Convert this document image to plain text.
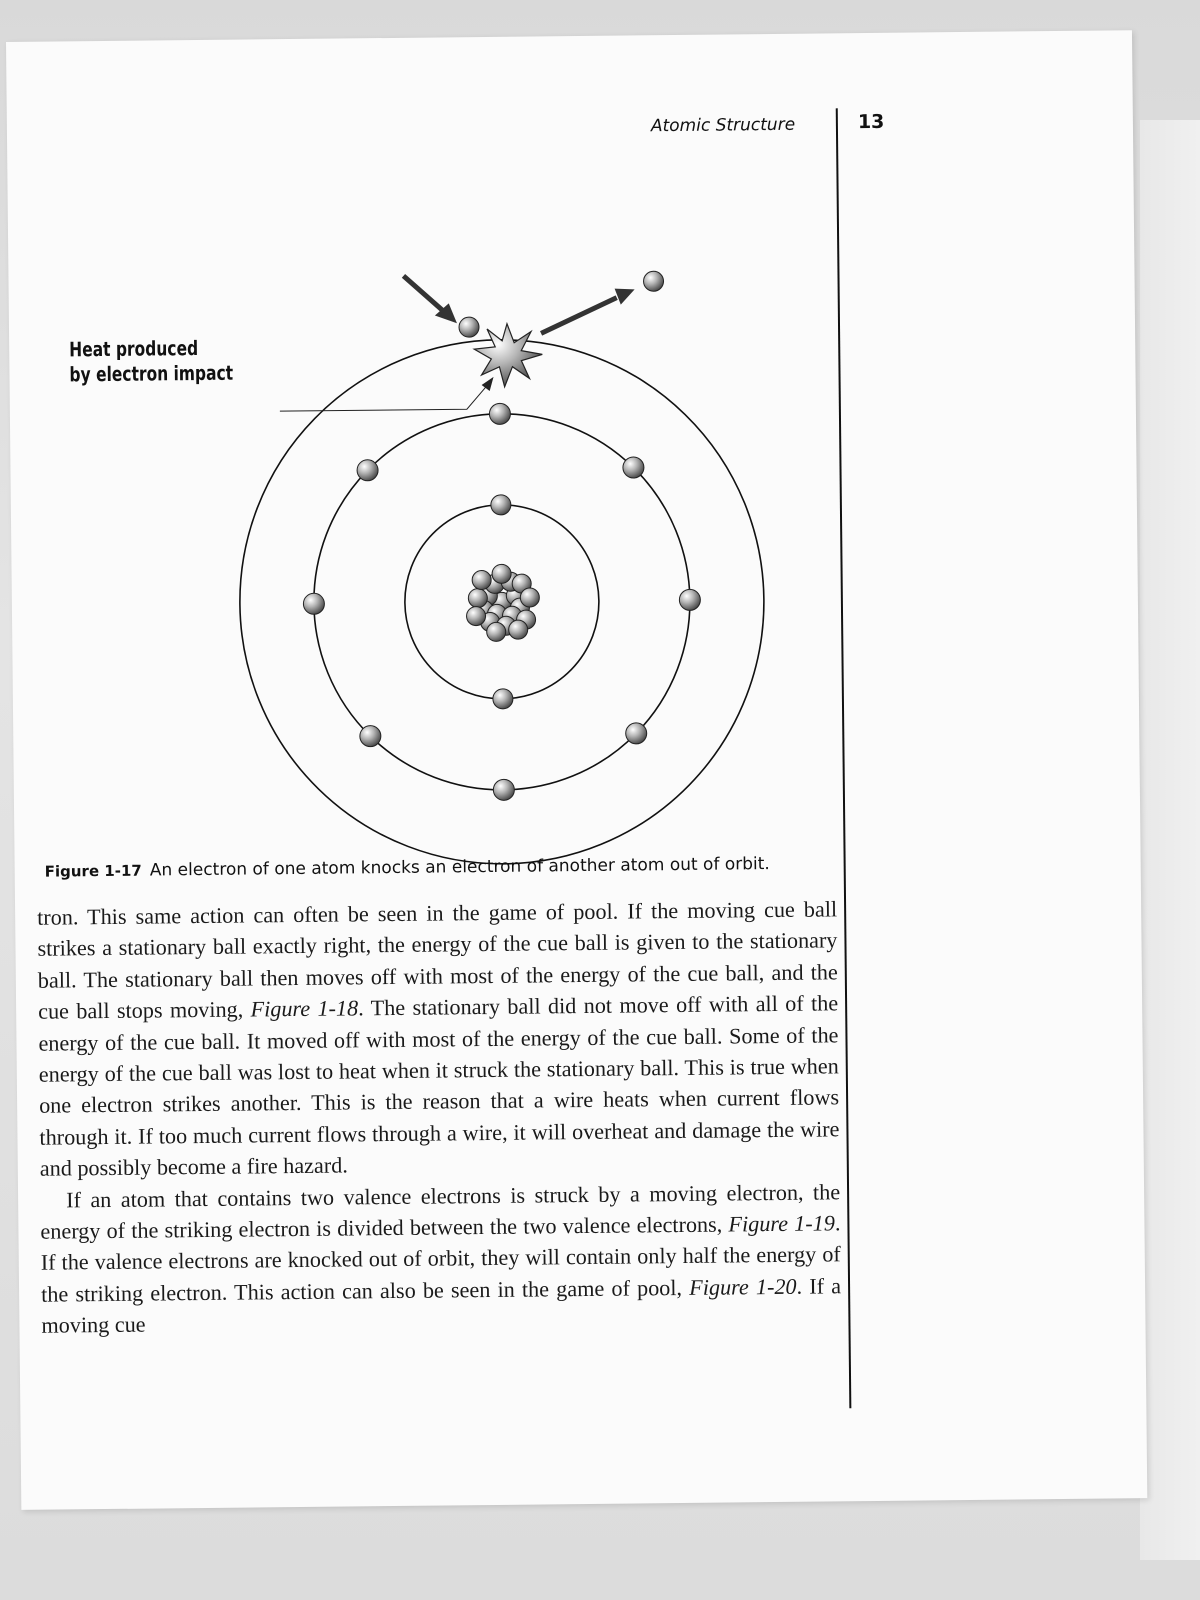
Atomic Structure	13
Heat produced
by electron impact
Figure 1-17 An electron of one atom knocks an electron of another atom out of orbit.

tron. This same action can often be seen in the game of pool. If the moving cue ball strikes a stationary ball exactly right, the energy of the cue ball is given to the stationary ball. The stationary ball then moves off with most of the energy of the cue ball, and the cue ball stops moving, Figure 1-18. The stationary ball did not move off with all of the energy of the cue ball. It moved off with most of the energy of the cue ball. Some of the energy of the cue ball was lost to heat when it struck the stationary ball. This is true when one electron strikes another. This is the reason that a wire heats when current flows through it. If too much current flows through a wire, it will overheat and damage the wire and possibly become a fire hazard.

If an atom that contains two valence electrons is struck by a moving electron, the energy of the striking electron is divided between the two valence electrons, Figure 1-19. If the valence electrons are knocked out of orbit, they will contain only half the energy of the striking electron. This action can also be seen in the game of pool, Figure 1-20. If a moving cue
